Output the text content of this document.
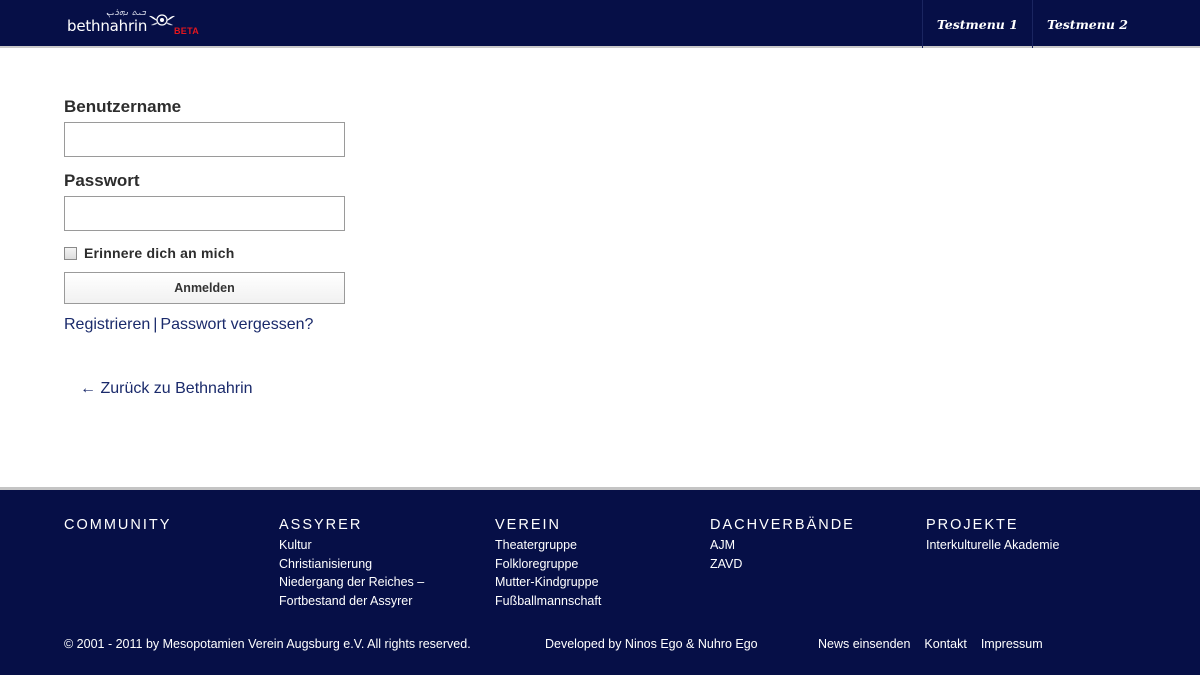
ܒܝܬ ܢܗܪܝܢ
bethnahrin	BETA	Testmenu 1	Testmenu 2
Benutzername
Passwort
Erinnere dich an mich
Anmelden
Registrieren | Passwort vergessen?
← Zurück zu Bethnahrin
COMMUNITY	ASSYRER
Kultur
Christianisierung
Niedergang der Reiches –
Fortbestand der Assyrer
VEREIN
Theatergruppe
Folkloregruppe
Mutter-Kindgruppe
Fußballmannschaft
DACHVERBÄNDE
AJM
ZAVD
PROJEKTE
Interkulturelle Akademie
© 2001 - 2011 by Mesopotamien Verein Augsburg e.V. All rights reserved.	Developed by Ninos Ego & Nuhro Ego	News einsenden Kontakt Impressum
